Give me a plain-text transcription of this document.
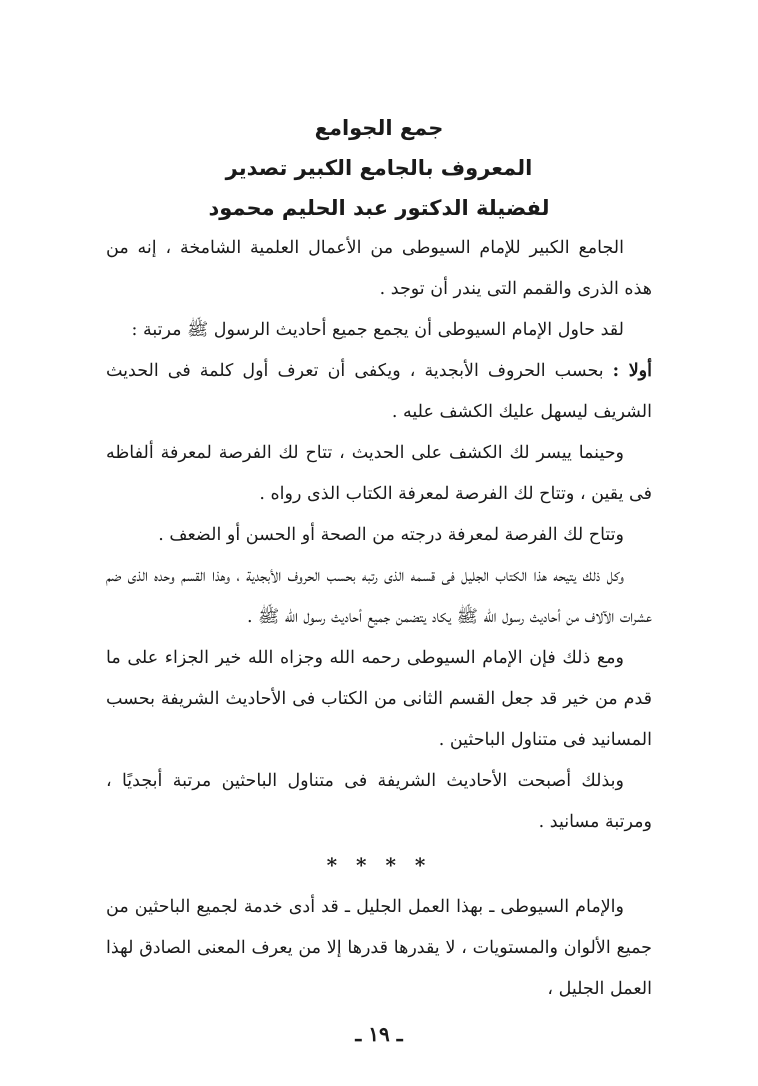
جمع الجوامع

المعروف بالجامع الكبير تصدير

لفضيلة الدكتور عبد الحليم محمود

الجامع الكبير للإمام السيوطى من الأعمال العلمية الشامخة ، إنه من هذه الذرى والقمم التى يندر أن توجد .

لقد حاول الإمام السيوطى أن يجمع جميع أحاديث الرسول ﷺ مرتبة :

أولا : بحسب الحروف الأبجدية ، ويكفى أن تعرف أول كلمة فى الحديث الشريف ليسهل عليك الكشف عليه .

وحينما ييسر لك الكشف على الحديث ، تتاح لك الفرصة لمعرفة ألفاظه فى يقين ، وتتاح لك الفرصة لمعرفة الكتاب الذى رواه .

وتتاح لك الفرصة لمعرفة درجته من الصحة أو الحسن أو الضعف .

وكل ذلك يتيحه هذا الكتاب الجليل فى قسمه الذى رتبه بحسب الحروف الأبجدية ، وهذا القسم وحده الذى ضم عشرات الآلاف من أحاديث رسول الله ﷺ يكاد يتضمن جميع أحاديث رسول الله ﷺ .

ومع ذلك فإن الإمام السيوطى رحمه الله وجزاه الله خير الجزاء على ما قدم من خير قد جعل القسم الثانى من الكتاب فى الأحاديث الشريفة بحسب المسانيد فى متناول الباحثين .

وبذلك أصبحت الأحاديث الشريفة فى متناول الباحثين مرتبة أبجديًا ، ومرتبة مسانيد .

* * * *

والإمام السيوطى ـ بهذا العمل الجليل ـ قد أدى خدمة لجميع الباحثين من جميع الألوان والمستويات ، لا يقدرها قدرها إلا من يعرف المعنى الصادق لهذا العمل الجليل ،

ـ ١٩ ـ
